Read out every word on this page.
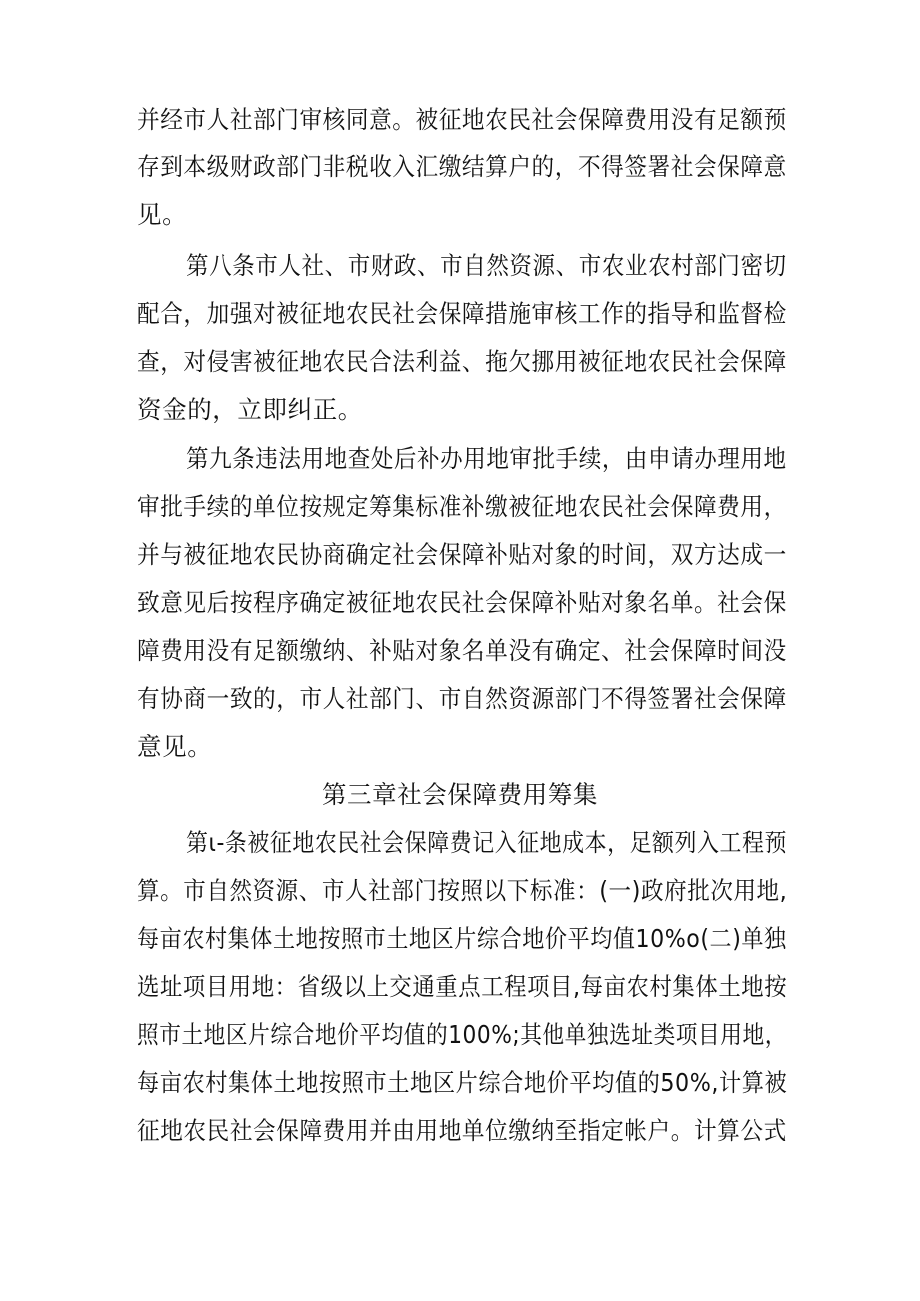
并经市人社部门审核同意。被征地农民社会保障费用没有足额预
存到本级财政部门非税收入汇缴结算户的，不得签署社会保障意
见。
第八条市人社、市财政、市自然资源、市农业农村部门密切
配合，加强对被征地农民社会保障措施审核工作的指导和监督检
查，对侵害被征地农民合法利益、拖欠挪用被征地农民社会保障
资金的，立即纠正。
第九条违法用地查处后补办用地审批手续，由申请办理用地
审批手续的单位按规定筹集标准补缴被征地农民社会保障费用，
并与被征地农民协商确定社会保障补贴对象的时间，双方达成一
致意见后按程序确定被征地农民社会保障补贴对象名单。社会保
障费用没有足额缴纳、补贴对象名单没有确定、社会保障时间没
有协商一致的，市人社部门、市自然资源部门不得签署社会保障
意见。
第三章社会保障费用筹集
第ι-条被征地农民社会保障费记入征地成本，足额列入工程预
算。市自然资源、市人社部门按照以下标准：(一)政府批次用地,
每亩农村集体土地按照市土地区片综合地价平均值10%o(二)单独
选址项目用地：省级以上交通重点工程项目,每亩农村集体土地按
照市土地区片综合地价平均值的100%;其他单独选址类项目用地，
每亩农村集体土地按照市土地区片综合地价平均值的50%,计算被
征地农民社会保障费用并由用地单位缴纳至指定帐户。计算公式
